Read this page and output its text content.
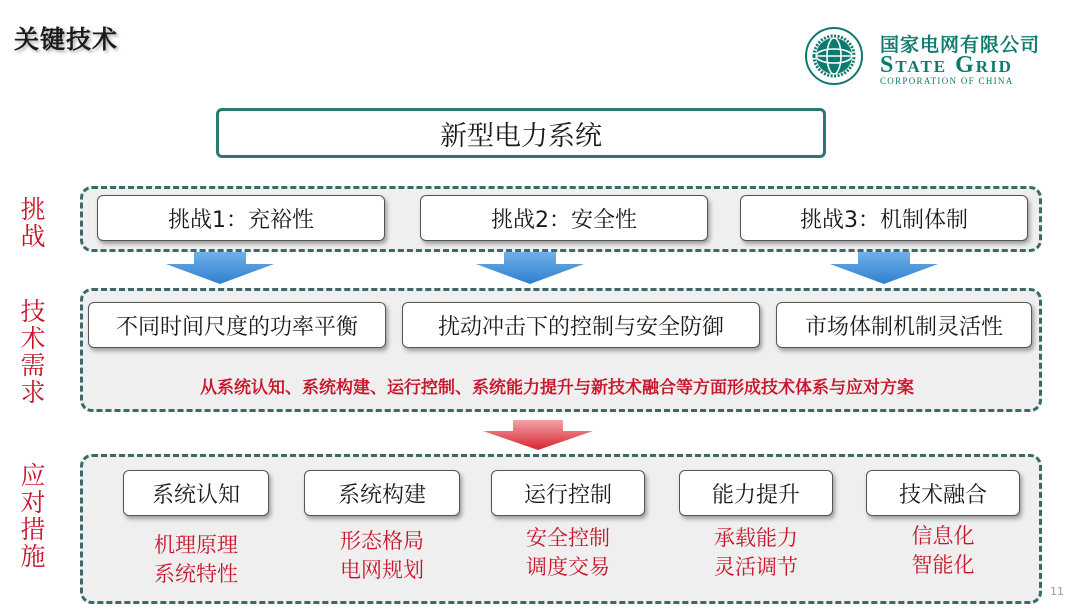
关键技术	国家电网有限公司
State Grid
CORPORATION OF CHINA
新型电力系统
挑战	挑战1：充裕性	挑战2：安全性	挑战3：机制体制
技术需求	不同时间尺度的功率平衡	扰动冲击下的控制与安全防御	市场体制机制灵活性
从系统认知、系统构建、运行控制、系统能力提升与新技术融合等方面形成技术体系与应对方案
应对措施	系统认知
机理原理
系统特性
系统构建
形态格局
电网规划
运行控制
安全控制
调度交易
能力提升
承载能力
灵活调节
技术融合
信息化
智能化
11
